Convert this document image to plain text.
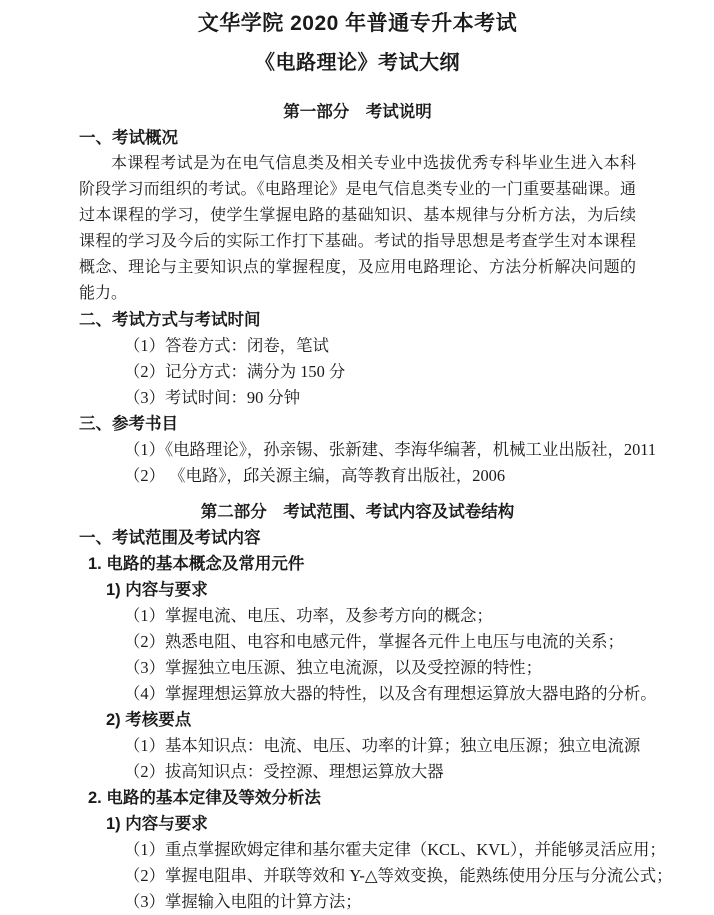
文华学院 2020 年普通专升本考试
《电路理论》考试大纲
第一部分　考试说明
一、考试概况

本课程考试是为在电气信息类及相关专业中选拔优秀专科毕业生进入本科阶段学习而组织的考试。《电路理论》是电气信息类专业的一门重要基础课。通过本课程的学习，使学生掌握电路的基础知识、基本规律与分析方法，为后续课程的学习及今后的实际工作打下基础。考试的指导思想是考查学生对本课程概念、理论与主要知识点的掌握程度，及应用电路理论、方法分析解决问题的能力。

二、考试方式与考试时间
（1）答卷方式：闭卷，笔试
（2）记分方式：满分为 150 分
（3）考试时间：90 分钟
三、参考书目
（1）《电路理论》，孙亲锡、张新建、李海华编著，机械工业出版社，2011
（2） 《电路》，邱关源主编，高等教育出版社，2006
第二部分　考试范围、考试内容及试卷结构
一、考试范围及考试内容
1. 电路的基本概念及常用元件
1) 内容与要求
（1）掌握电流、电压、功率，及参考方向的概念；
（2）熟悉电阻、电容和电感元件，掌握各元件上电压与电流的关系；
（3）掌握独立电压源、独立电流源，以及受控源的特性；
（4）掌握理想运算放大器的特性，以及含有理想运算放大器电路的分析。
2) 考核要点
（1）基本知识点：电流、电压、功率的计算；独立电压源；独立电流源
（2）拔高知识点：受控源、理想运算放大器
2. 电路的基本定律及等效分析法
1) 内容与要求
（1）重点掌握欧姆定律和基尔霍夫定律（KCL、KVL），并能够灵活应用；
（2）掌握电阻串、并联等效和 Y-△等效变换，能熟练使用分压与分流公式；
（3）掌握输入电阻的计算方法；
